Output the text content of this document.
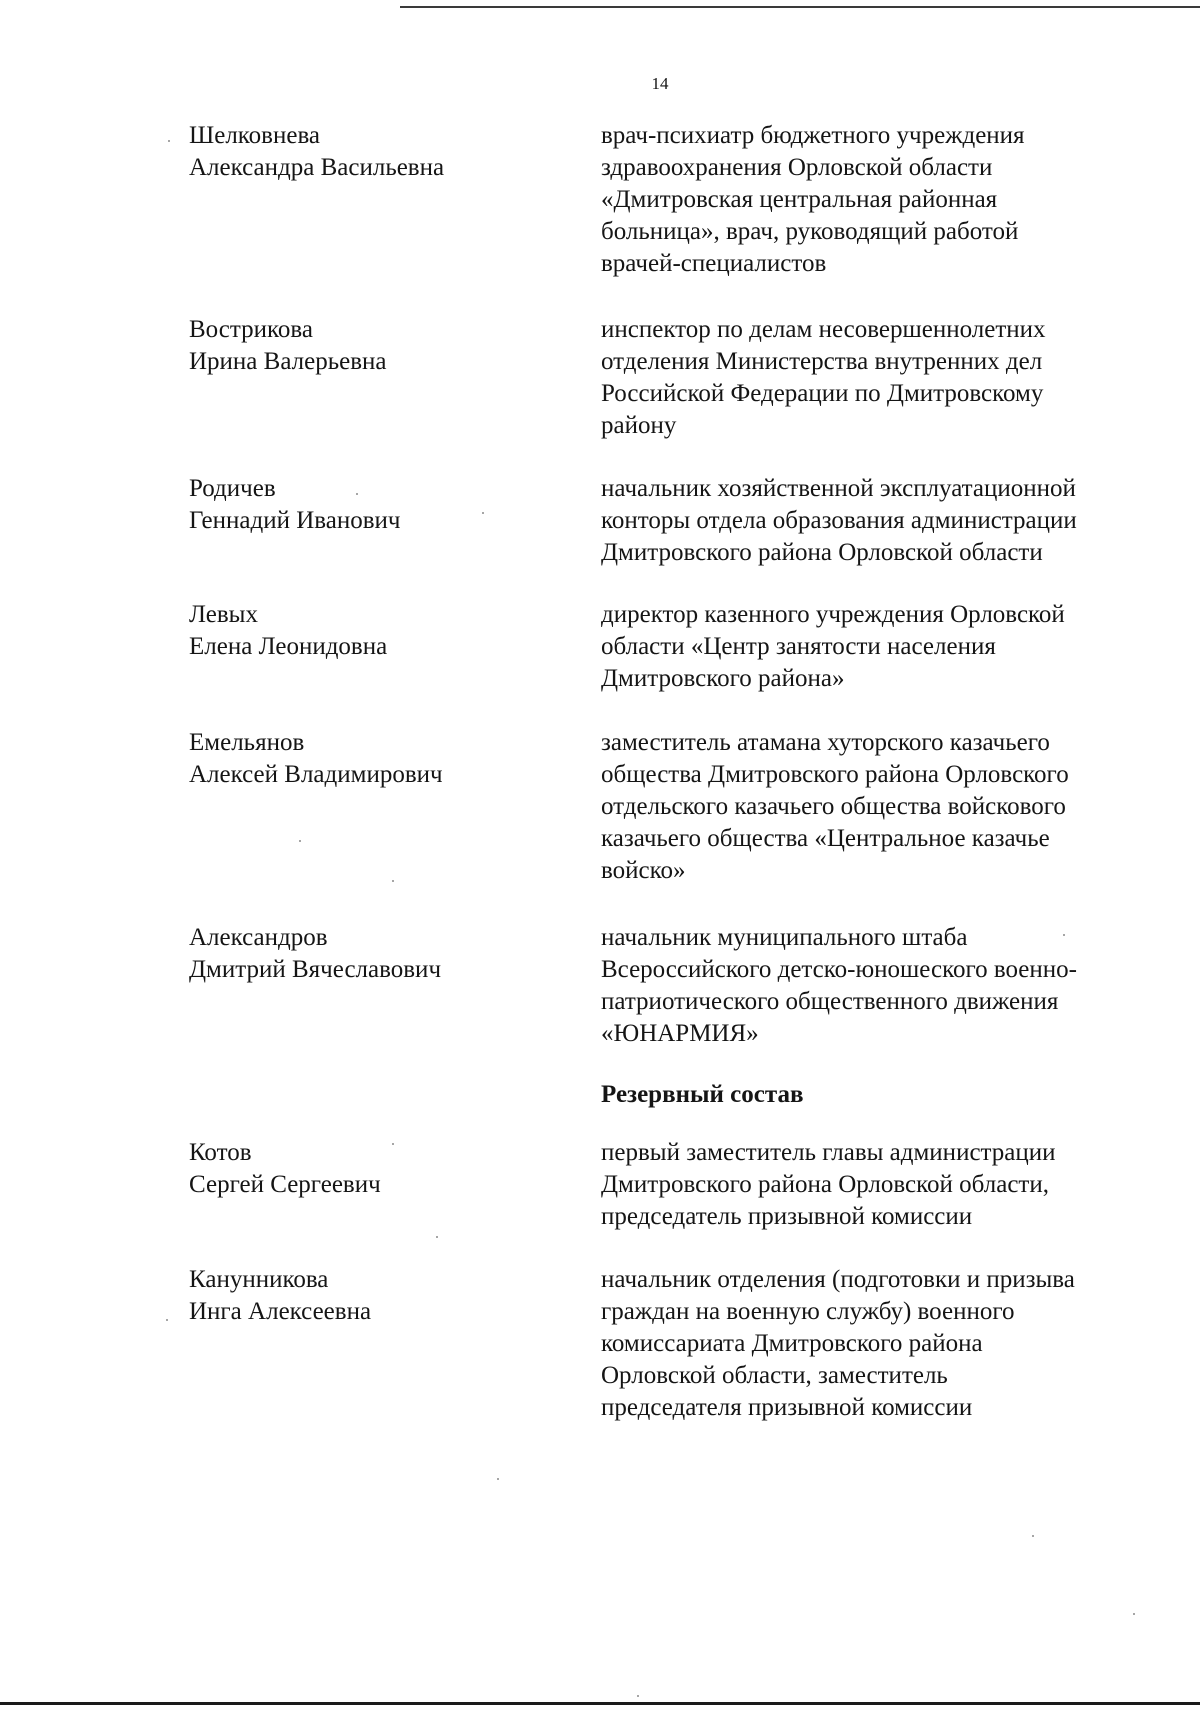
14
Шелковнева
Александра Васильевна
врач-психиатр бюджетного учреждения
здравоохранения Орловской области
«Дмитровская центральная районная
больница», врач, руководящий работой
врачей-специалистов
Вострикова
Ирина Валерьевна
инспектор по делам несовершеннолетних
отделения Министерства внутренних дел
Российской Федерации по Дмитровскому
району
Родичев
Геннадий Иванович
начальник хозяйственной эксплуатационной
конторы отдела образования администрации
Дмитровского района Орловской области
Левых
Елена Леонидовна
директор казенного учреждения Орловской
области «Центр занятости населения
Дмитровского района»
Емельянов
Алексей Владимирович
заместитель атамана хуторского казачьего
общества Дмитровского района Орловского
отдельского казачьего общества войскового
казачьего общества «Центральное казачье
войско»
Александров
Дмитрий Вячеславович
начальник муниципального штаба
Всероссийского детско-юношеского военно-
патриотического общественного движения
«ЮНАРМИЯ»
Резервный состав
Котов
Сергей Сергеевич
первый заместитель главы администрации
Дмитровского района Орловской области,
председатель призывной комиссии
Канунникова
Инга Алексеевна
начальник отделения (подготовки и призыва
граждан на военную службу) военного
комиссариата Дмитровского района
Орловской области, заместитель
председателя призывной комиссии
